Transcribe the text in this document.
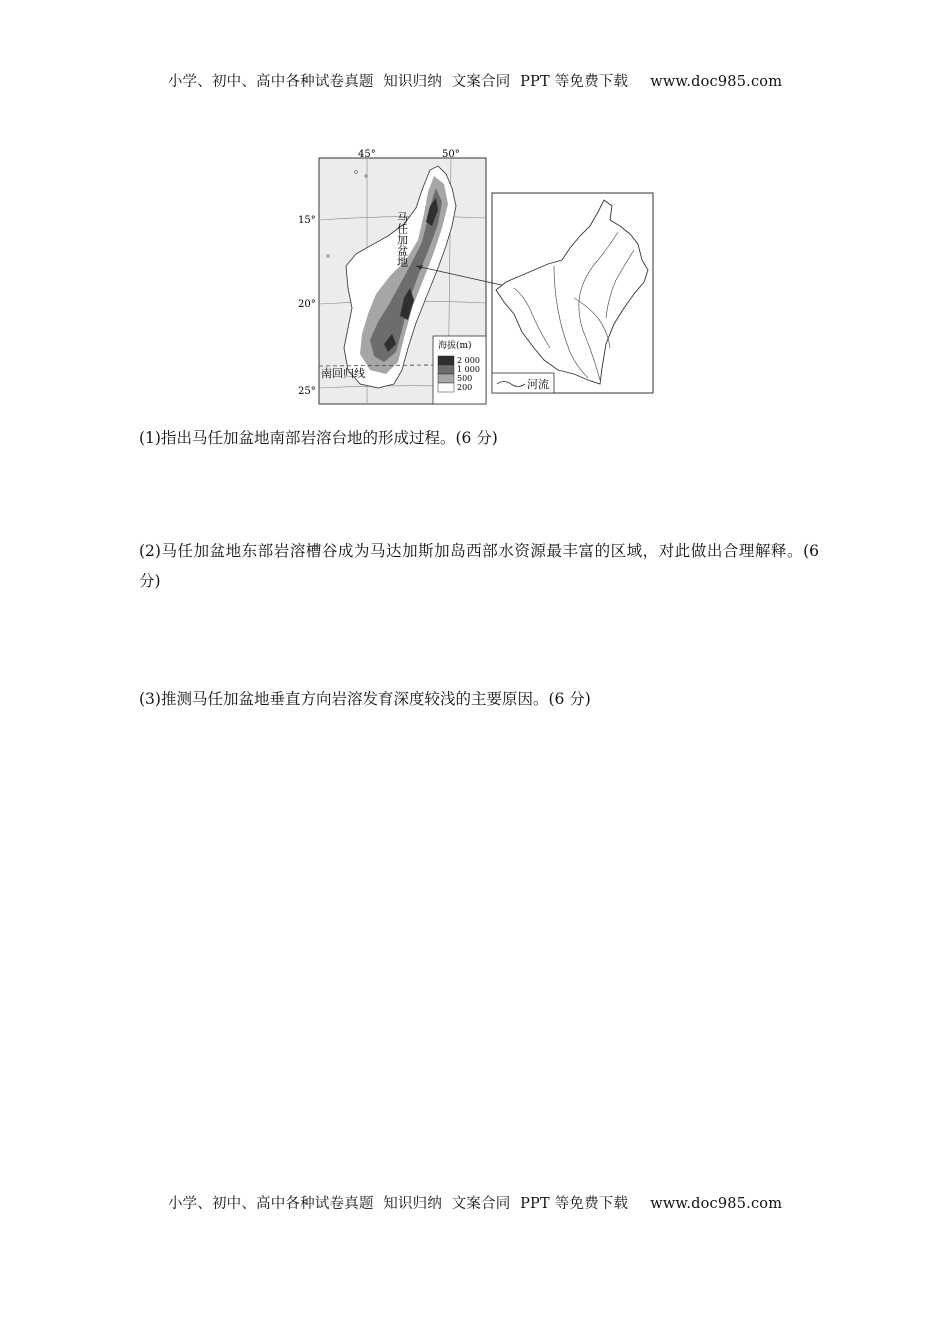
小学、初中、高中各种试卷真题  知识归纳  文案合同  PPT 等免费下载 www.doc985.com
45°	50°
15°
20°
25°
马任加盆地
南回归线
海拔(m)
2 000
1 000
500
200	河流
(1)指出马任加盆地南部岩溶台地的形成过程。(6 分)
(2)马任加盆地东部岩溶槽谷成为马达加斯加岛西部水资源最丰富的区域，对此做出合理解释。(6 分)
(3)推测马任加盆地垂直方向岩溶发育深度较浅的主要原因。(6 分)
小学、初中、高中各种试卷真题  知识归纳  文案合同  PPT 等免费下载 www.doc985.com
